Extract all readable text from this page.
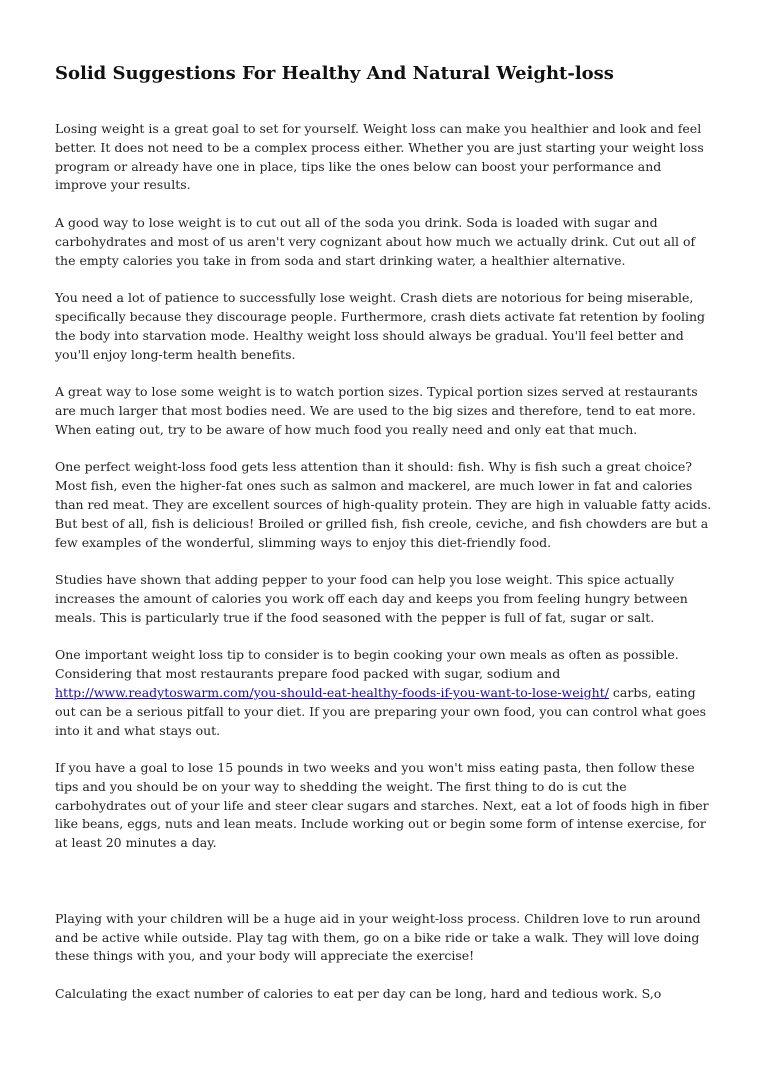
Solid Suggestions For Healthy And Natural Weight-loss

Losing weight is a great goal to set for yourself. Weight loss can make you healthier and look and feel better. It does not need to be a complex process either. Whether you are just starting your weight loss program or already have one in place, tips like the ones below can boost your performance and improve your results.

A good way to lose weight is to cut out all of the soda you drink. Soda is loaded with sugar and carbohydrates and most of us aren't very cognizant about how much we actually drink. Cut out all of the empty calories you take in from soda and start drinking water, a healthier alternative.

You need a lot of patience to successfully lose weight. Crash diets are notorious for being miserable, specifically because they discourage people. Furthermore, crash diets activate fat retention by fooling the body into starvation mode. Healthy weight loss should always be gradual. You'll feel better and you'll enjoy long-term health benefits.

A great way to lose some weight is to watch portion sizes. Typical portion sizes served at restaurants are much larger that most bodies need. We are used to the big sizes and therefore, tend to eat more. When eating out, try to be aware of how much food you really need and only eat that much.

One perfect weight-loss food gets less attention than it should: fish. Why is fish such a great choice? Most fish, even the higher-fat ones such as salmon and mackerel, are much lower in fat and calories than red meat. They are excellent sources of high-quality protein. They are high in valuable fatty acids. But best of all, fish is delicious! Broiled or grilled fish, fish creole, ceviche, and fish chowders are but a few examples of the wonderful, slimming ways to enjoy this diet-friendly food.

Studies have shown that adding pepper to your food can help you lose weight. This spice actually increases the amount of calories you work off each day and keeps you from feeling hungry between meals. This is particularly true if the food seasoned with the pepper is full of fat, sugar or salt.

One important weight loss tip to consider is to begin cooking your own meals as often as possible. Considering that most restaurants prepare food packed with sugar, sodium and http://www.readytoswarm.com/you-should-eat-healthy-foods-if-you-want-to-lose-weight/ carbs, eating out can be a serious pitfall to your diet. If you are preparing your own food, you can control what goes into it and what stays out.

If you have a goal to lose 15 pounds in two weeks and you won't miss eating pasta, then follow these tips and you should be on your way to shedding the weight. The first thing to do is cut the carbohydrates out of your life and steer clear sugars and starches. Next, eat a lot of foods high in fiber like beans, eggs, nuts and lean meats. Include working out or begin some form of intense exercise, for at least 20 minutes a day.

Playing with your children will be a huge aid in your weight-loss process. Children love to run around and be active while outside. Play tag with them, go on a bike ride or take a walk. They will love doing these things with you, and your body will appreciate the exercise!

Calculating the exact number of calories to eat per day can be long, hard and tedious work. S,o
